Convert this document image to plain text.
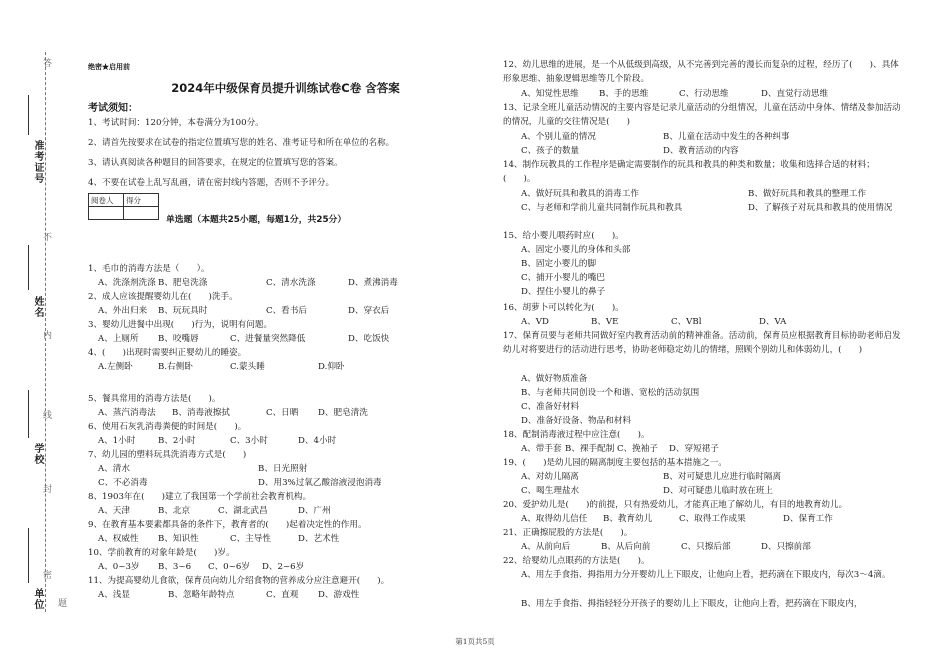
答
不
内
线
封
密
题
准考证号
姓名
学校
单位
绝密★启用前
2024年中级保育员提升训练试卷C卷 含答案
考试须知：
1、考试时间：120分钟，本卷满分为100分。
2、请首先按要求在试卷的指定位置填写您的姓名、准考证号和所在单位的名称。
3、请认真阅读各种题目的回答要求，在规定的位置填写您的答案。
4、不要在试卷上乱写乱画，请在密封线内答题，否则不予评分。
阅卷人	得分

单选题（本题共25小题，每题1分，共25分）
1、毛巾的消毒方法是（　　）。
A、洗涤剂洗涤 B、肥皂洗涤	C、清水洗涤	D、煮沸消毒
2、成人应该提醒婴幼儿在(　　)洗手。
A、外出归来 B、玩玩具时	C、看书后	D、穿衣后
3、婴幼儿进餐中出现(　　)行为，说明有问题。
A、上厕所 B、咬嘴唇	C、进餐量突然降低	D、吃饭快
4、(　　)出现时需要纠正婴幼儿的睡姿。
A.左侧卧	B.右侧卧	C.蒙头睡	D.仰卧
5、餐具常用的消毒方法是(　　)。
A、蒸汽消毒法 B、消毒液擦拭	C、日晒 D、肥皂清洗
6、使用石灰乳消毒粪便的时间是(　　)。
A、1小时	B、2小时	C、3小时	D、4小时
7、幼儿园的塑料玩具洗消毒方式是(　　)
A、清水	B、日光照射
C、不必消毒	D、用3%过氧乙酸溶液浸泡消毒
8、1903年在(　　)建立了我国第一个学前社会教育机构。
A、天津	B、北京	C、湖北武昌	D、广州
9、在教育基本要素都具备的条件下，教育者的(　　)起着决定性的作用。
A、权威性 B、知识性	C、主导性	D、艺术性
10、学前教育的对象年龄是(　　)岁。
A、0~3岁 B、3~6 C、0~6岁 D、2~6岁
11、为提高婴幼儿食欲，保育员向幼儿介绍食物的营养成分应注意避开(　　)。
A、浅显	B、忽略年龄特点	C、直观 D、游戏性
12、幼儿思维的进展，是一个从低级到高级，从不完善到完善的漫长而复杂的过程，经历了(　　)、具体形象思维、抽象逻辑思维等几个阶段。
A、知觉性思维 B、手的思维	C、行动思维	D、直觉行动思维
13、记录全班儿童活动情况的主要内容是记录儿童活动的分组情况，儿童在活动中身体、情绪及参加活动的情况，儿童的交往情况是(　　)
A、个别儿童的情况	B、儿童在活动中发生的各种纠事
C、孩子的数量	D、教育活动的内容
14、制作玩教具的工作程序是确定需要制作的玩具和教具的种类和数量；收集和选择合适的材料；(　　)。
A、做好玩具和教具的消毒工作	B、做好玩具和教具的整理工作
C、与老师和学前儿童共同制作玩具和教具	D、了解孩子对玩具和教具的使用情况
15、给小婴儿喂药时应(　　)。
A、固定小婴儿的身体和头部
B、固定小婴儿的脚
C、捕开小婴儿的嘴巴
D、捏住小婴儿的鼻子
16、胡萝卜可以转化为(　　)。
A、VD	B、VE	C、VBl	D、VA
17、保育员要与老师共同做好室内教育活动前的精神准备。活动前，保育员应根据教育目标协助老师启发幼儿对将要进行的活动进行思考，协助老师稳定幼儿的情绪，照顾个别幼儿和体弱幼儿，(　　)
A、做好物质准备
B、与老师共同创设一个和谐、宽松的活动氛围
C、准备好材料
D、准备好设备、物品和材料
18、配制消毒液过程中应注意(　　)。
A、带手套 B、裸手配制 C、挽袖子 D、穿短裙子
19、(　　)是幼儿园的隔离制度主要包括的基本措施之一。
A、对幼儿隔离	B、对可疑患儿应进行临时隔离
C、喝生理盐水	D、对可疑患儿临时放在班上
20、爱护幼儿是(　　)的前提，只有热爱幼儿，才能真正地了解幼儿，有目的地教育幼儿。
A、取得幼儿信任 B、教育幼儿	C、取得工作成果	D、保育工作
21、正确擦屁股的方法是(　　)。
A、从前向后	B、从后向前	C、只擦后部	D、只擦前部
22、给婴幼儿点眼药的方法是(　　)。
A、用左手食指、拇指用力分开婴幼儿上下眼皮，让他向上看，把药滴在下眼皮内，每次3～4滴。
B、用左手食指、拇指轻轻分开孩子的婴幼儿上下眼皮，让他向上看，把药滴在下眼皮内，
第1页共5页
